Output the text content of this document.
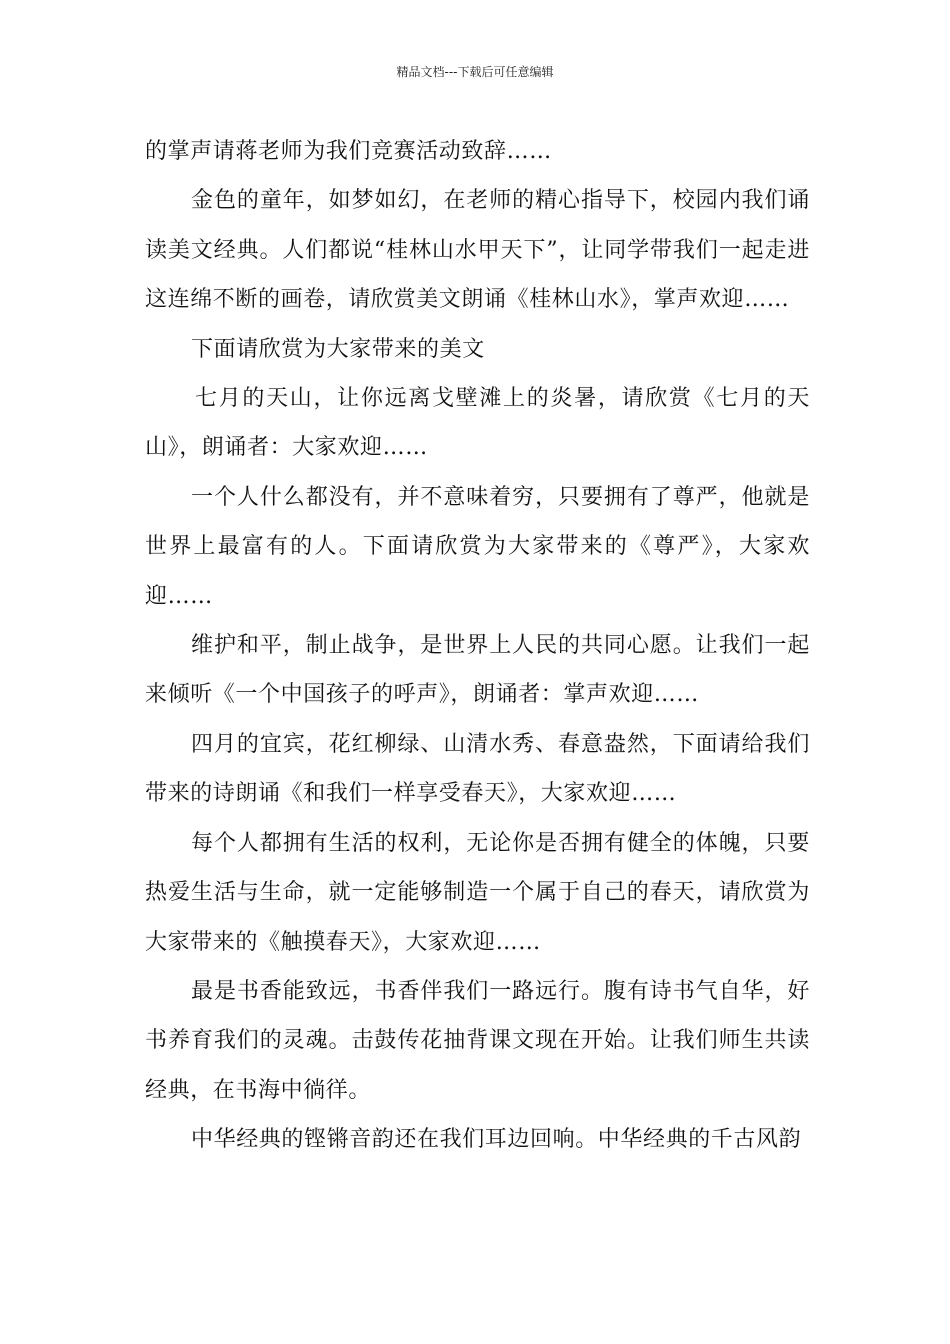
精品文档---下载后可任意编辑

的掌声请蒋老师为我们竞赛活动致辞……

金色的童年，如梦如幻，在老师的精心指导下，校园内我们诵读美文经典。人们都说“桂林山水甲天下”，让同学带我们一起走进这连绵不断的画卷，请欣赏美文朗诵《桂林山水》，掌声欢迎……

下面请欣赏为大家带来的美文

七月的天山，让你远离戈壁滩上的炎暑，请欣赏《七月的天山》，朗诵者：大家欢迎……

一个人什么都没有，并不意味着穷，只要拥有了尊严，他就是世界上最富有的人。下面请欣赏为大家带来的《尊严》，大家欢迎……

维护和平，制止战争，是世界上人民的共同心愿。让我们一起来倾听《一个中国孩子的呼声》，朗诵者：掌声欢迎……

四月的宜宾，花红柳绿、山清水秀、春意盎然，下面请给我们带来的诗朗诵《和我们一样享受春天》，大家欢迎……

每个人都拥有生活的权利，无论你是否拥有健全的体魄，只要热爱生活与生命，就一定能够制造一个属于自己的春天，请欣赏为大家带来的《触摸春天》，大家欢迎……

最是书香能致远，书香伴我们一路远行。腹有诗书气自华，好书养育我们的灵魂。击鼓传花抽背课文现在开始。让我们师生共读经典，在书海中徜徉。

中华经典的铿锵音韵还在我们耳边回响。中华经典的千古风韵
